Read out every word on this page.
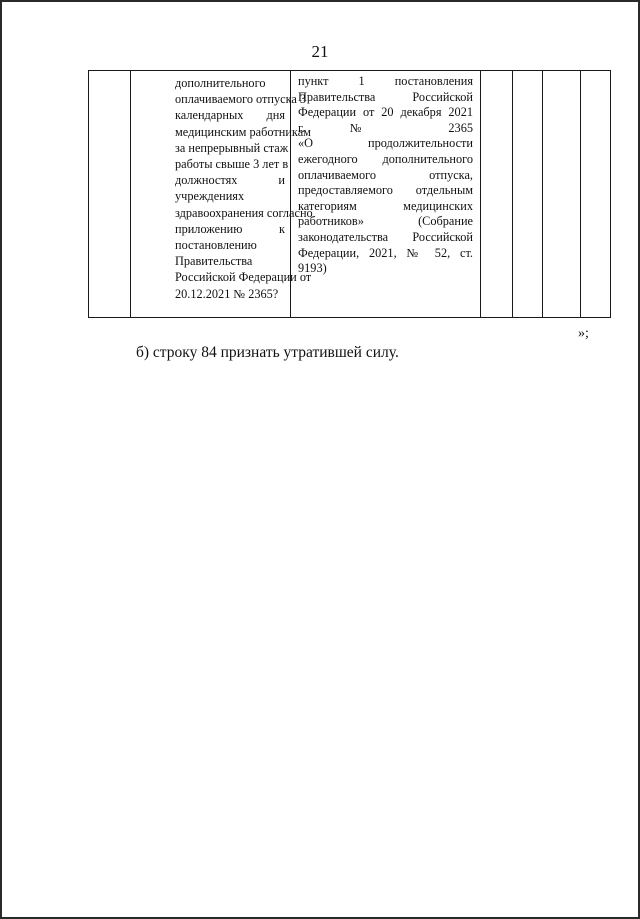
21

дополнительного
оплачиваемого отпуска 3
календарных дня
медицинским работникам
за непрерывный стаж
работы свыше 3 лет в
должностях и
учреждениях
здравоохранения согласно
приложению к
постановлению
Правительства
Российской Федерации от
20.12.2021 № 2365?

пункт 1 постановления
Правительства Российской
Федерации от 20 декабря 2021
г. № 2365
«О продолжительности
ежегодного дополнительного
оплачиваемого отпуска,
предоставляемого отдельным
категориям медицинских
работников» (Собрание
законодательства Российской
Федерации, 2021, № 52, ст.
9193)

»;
б) строку 84 признать утратившей силу.
